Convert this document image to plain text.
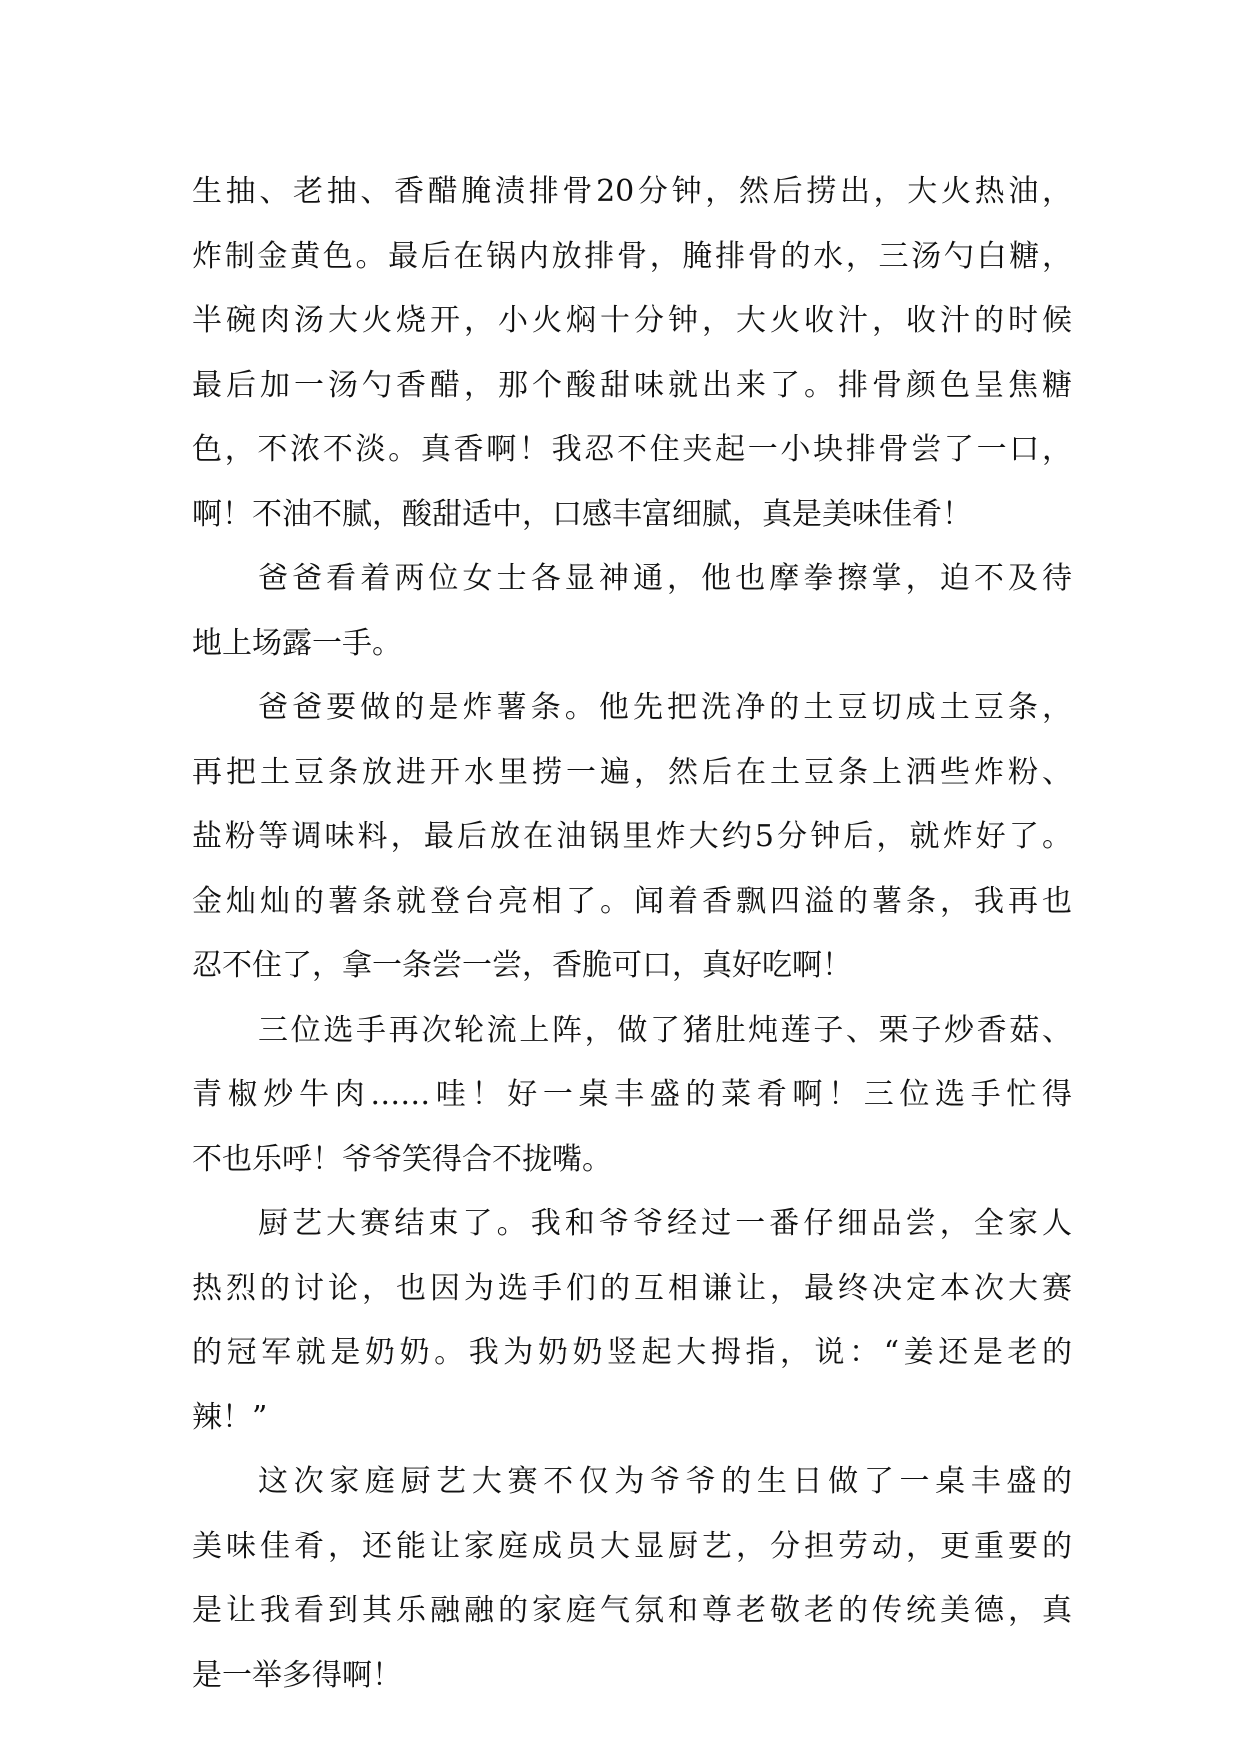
生抽、老抽、香醋腌渍排骨20分钟，然后捞出，大火热油，
炸制金黄色。最后在锅内放排骨，腌排骨的水，三汤勺白糖，
半碗肉汤大火烧开，小火焖十分钟，大火收汁，收汁的时候
最后加一汤勺香醋，那个酸甜味就出来了。排骨颜色呈焦糖
色，不浓不淡。真香啊！我忍不住夹起一小块排骨尝了一口，
啊！不油不腻，酸甜适中，口感丰富细腻，真是美味佳肴！
爸爸看着两位女士各显神通，他也摩拳擦掌，迫不及待
地上场露一手。
爸爸要做的是炸薯条。他先把洗净的土豆切成土豆条，
再把土豆条放进开水里捞一遍，然后在土豆条上洒些炸粉、
盐粉等调味料，最后放在油锅里炸大约5分钟后，就炸好了。
金灿灿的薯条就登台亮相了。闻着香飘四溢的薯条，我再也
忍不住了，拿一条尝一尝，香脆可口，真好吃啊！
三位选手再次轮流上阵，做了猪肚炖莲子、栗子炒香菇、
青椒炒牛肉……哇！好一桌丰盛的菜肴啊！三位选手忙得
不也乐呼！爷爷笑得合不拢嘴。
厨艺大赛结束了。我和爷爷经过一番仔细品尝，全家人
热烈的讨论，也因为选手们的互相谦让，最终决定本次大赛
的冠军就是奶奶。我为奶奶竖起大拇指，说：“姜还是老的
辣！”
这次家庭厨艺大赛不仅为爷爷的生日做了一桌丰盛的
美味佳肴，还能让家庭成员大显厨艺，分担劳动，更重要的
是让我看到其乐融融的家庭气氛和尊老敬老的传统美德，真
是一举多得啊！
